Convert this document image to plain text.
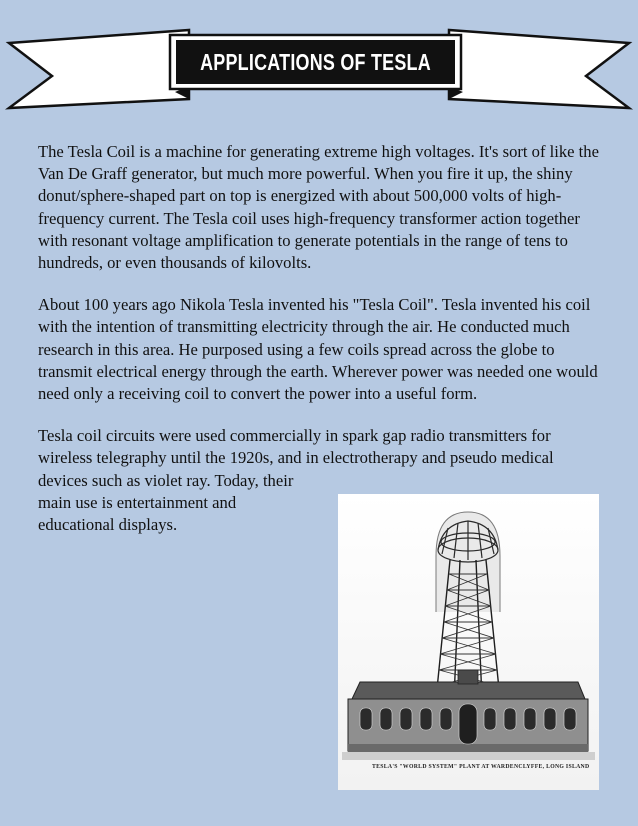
APPLICATIONS OF TESLA

The Tesla Coil is a machine for generating extreme high voltages. It's sort of like the Van De Graff generator, but much more powerful. When you fire it up, the shiny donut/sphere-shaped part on top is energized with about 500,000 volts of high-frequency current. The Tesla coil uses high-frequency transformer action together with resonant voltage amplification to generate potentials in the range of tens to hundreds, or even thousands of kilovolts.

About 100 years ago Nikola Tesla invented his "Tesla Coil". Tesla invented his coil with the intention of transmitting electricity through the air. He conducted much research in this area. He purposed using a few coils spread across the globe to transmit electrical energy through the earth. Wherever power was needed one would need only a receiving coil to convert the power into a useful form.

Tesla coil circuits were used commercially in spark gap radio transmitters for
wireless telegraphy until the 1920s, and in electrotherapy and pseudo medical
devices such as violet ray. Today, their
main use is entertainment and
educational displays.

TESLA'S "WORLD SYSTEM" PLANT AT WARDENCLYFFE, LONG ISLAND
